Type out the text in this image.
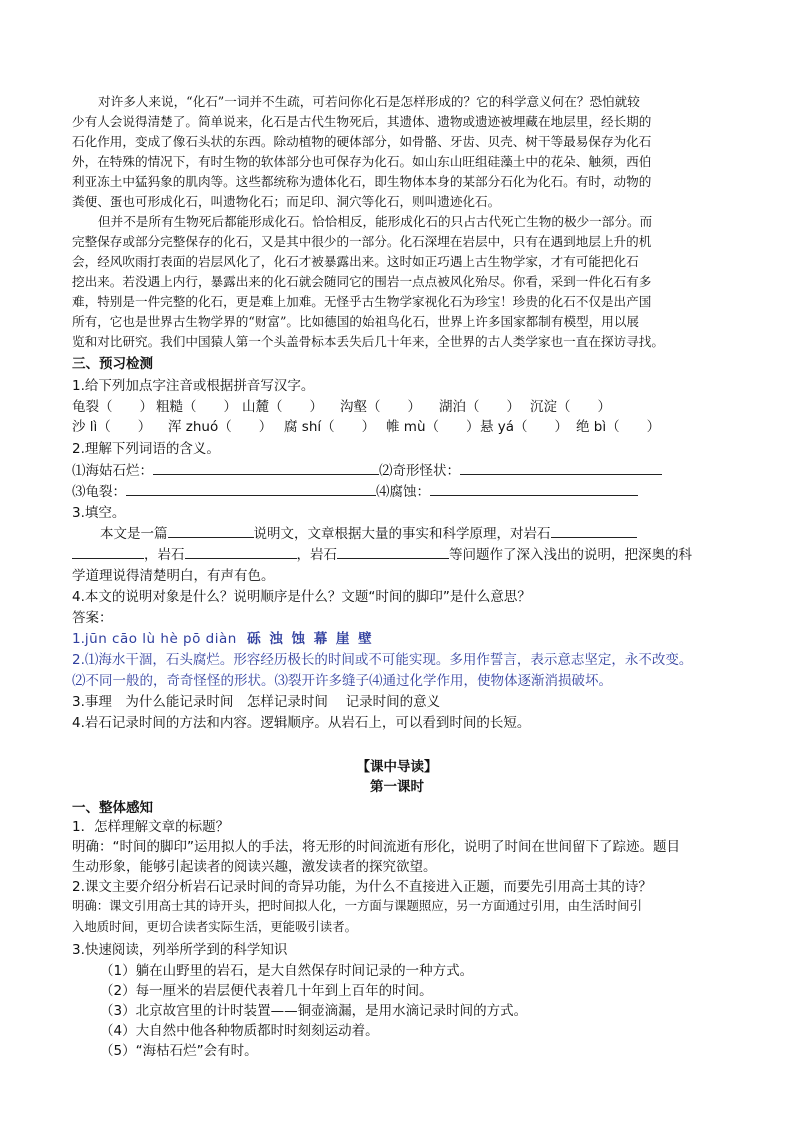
对许多人来说，“化石”一词并不生疏，可若问你化石是怎样形成的？它的科学意义何在？恐怕就较
少有人会说得清楚了。简单说来，化石是古代生物死后，其遗体、遗物或遗迹被埋藏在地层里，经长期的
石化作用，变成了像石头状的东西。除动植物的硬体部分，如骨骼、牙齿、贝壳、树干等最易保存为化石
外，在特殊的情况下，有时生物的软体部分也可保存为化石。如山东山旺组硅藻土中的花朵、触须，西伯
利亚冻土中猛犸象的肌肉等。这些都统称为遗体化石，即生物体本身的某部分石化为化石。有时，动物的
粪便、蛋也可形成化石，叫遗物化石；而足印、洞穴等化石，则叫遗迹化石。
但并不是所有生物死后都能形成化石。恰恰相反，能形成化石的只占古代死亡生物的极少一部分。而
完整保存或部分完整保存的化石，又是其中很少的一部分。化石深埋在岩层中，只有在遇到地层上升的机
会，经风吹雨打表面的岩层风化了，化石才被暴露出来。这时如正巧遇上古生物学家，才有可能把化石
挖出来。若没遇上内行，暴露出来的化石就会随同它的围岩一点点被风化殆尽。你看，采到一件化石有多
难，特别是一件完整的化石，更是难上加难。无怪乎古生物学家视化石为珍宝！珍贵的化石不仅是出产国
所有，它也是世界古生物学界的“财富”。比如德国的始祖鸟化石，世界上许多国家都制有模型，用以展
览和对比研究。我们中国猿人第一个头盖骨标本丢失后几十年来，全世界的古人类学家也一直在探访寻找。
三、预习检测
1.给下列加点字注音或根据拼音写汉字。
龟裂（　　） 粗糙（　　） 山麓（　　） 沟壑（　　） 湖泊（　　） 沉淀（　　）
沙 lì（　　） 浑 zhuó（　　） 腐 shí（　　） 帷 mù（　　）悬 yá（　　） 绝 bì（　　）
2.理解下列词语的含义。
⑴海姑石烂：	⑵奇形怪状：
⑶龟裂：	⑷腐蚀：
3.填空。
本文是一篇	说明文，文章根据大量的事实和科学原理，对岩石
，岩石	，岩石	等问题作了深入浅出的说明，把深奥的科
学道理说得清楚明白，有声有色。
4.本文的说明对象是什么？说明顺序是什么？文题“时间的脚印”是什么意思？
答案：
1.jūn cāo lù hè pō diàn 砾 浊 蚀 幕 崖 壁
2.⑴海水干涸，石头腐烂。形容经历极长的时间或不可能实现。多用作誓言，表示意志坚定，永不改变。
⑵不同一般的，奇奇怪怪的形状。⑶裂开许多缝子⑷通过化学作用，使物体逐渐消损破坏。
3.事理　为什么能记录时间　怎样记录时间　 记录时间的意义
4.岩石记录时间的方法和内容。逻辑顺序。从岩石上，可以看到时间的长短。
【课中导读】
第一课时
一、整体感知
1．怎样理解文章的标题？
明确：“时间的脚印”运用拟人的手法，将无形的时间流逝有形化，说明了时间在世间留下了踪迹。题目
生动形象，能够引起读者的阅读兴趣，激发读者的探究欲望。
2.课文主要介绍分析岩石记录时间的奇异功能，为什么不直接进入正题，而要先引用高士其的诗？
明确：课文引用高士其的诗开头，把时间拟人化，一方面与课题照应，另一方面通过引用，由生活时间引
入地质时间，更切合读者实际生活，更能吸引读者。
3.快速阅读，列举所学到的科学知识
（1）躺在山野里的岩石，是大自然保存时间记录的一种方式。
（2）每一厘米的岩层便代表着几十年到上百年的时间。
（3）北京故宫里的计时装置——铜壶滴漏，是用水滴记录时间的方式。
（4）大自然中他各种物质都时时刻刻运动着。
（5）“海枯石烂”会有时。
